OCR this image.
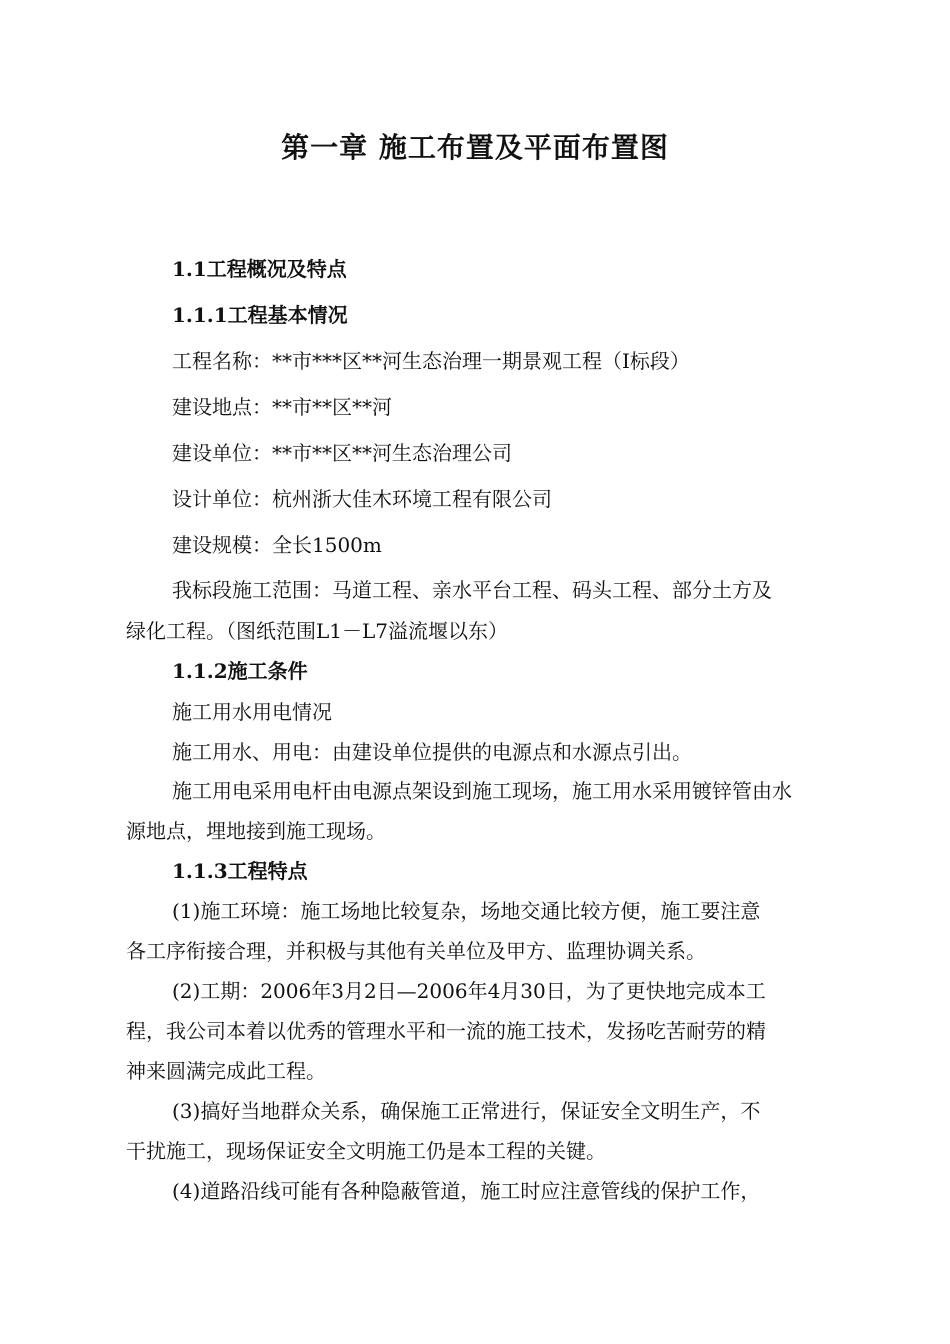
第一章 施工布置及平面布置图

1.1工程概况及特点

1.1.1工程基本情况

工程名称：**市***区**河生态治理一期景观工程（Ⅰ标段）

建设地点：**市**区**河

建设单位：**市**区**河生态治理公司

设计单位：杭州浙大佳木环境工程有限公司

建设规模：全长1500m

我标段施工范围：马道工程、亲水平台工程、码头工程、部分土方及

绿化工程。（图纸范围L1－L7溢流堰以东）

1.1.2施工条件

施工用水用电情况

施工用水、用电：由建设单位提供的电源点和水源点引出。

施工用电采用电杆由电源点架设到施工现场，施工用水采用镀锌管由水

源地点，埋地接到施工现场。

1.1.3工程特点

(1)施工环境：施工场地比较复杂，场地交通比较方便，施工要注意

各工序衔接合理，并积极与其他有关单位及甲方、监理协调关系。

(2)工期：2006年3月2日—2006年4月30日，为了更快地完成本工

程，我公司本着以优秀的管理水平和一流的施工技术，发扬吃苦耐劳的精

神来圆满完成此工程。

(3)搞好当地群众关系，确保施工正常进行，保证安全文明生产，不

干扰施工，现场保证安全文明施工仍是本工程的关键。

(4)道路沿线可能有各种隐蔽管道，施工时应注意管线的保护工作，
